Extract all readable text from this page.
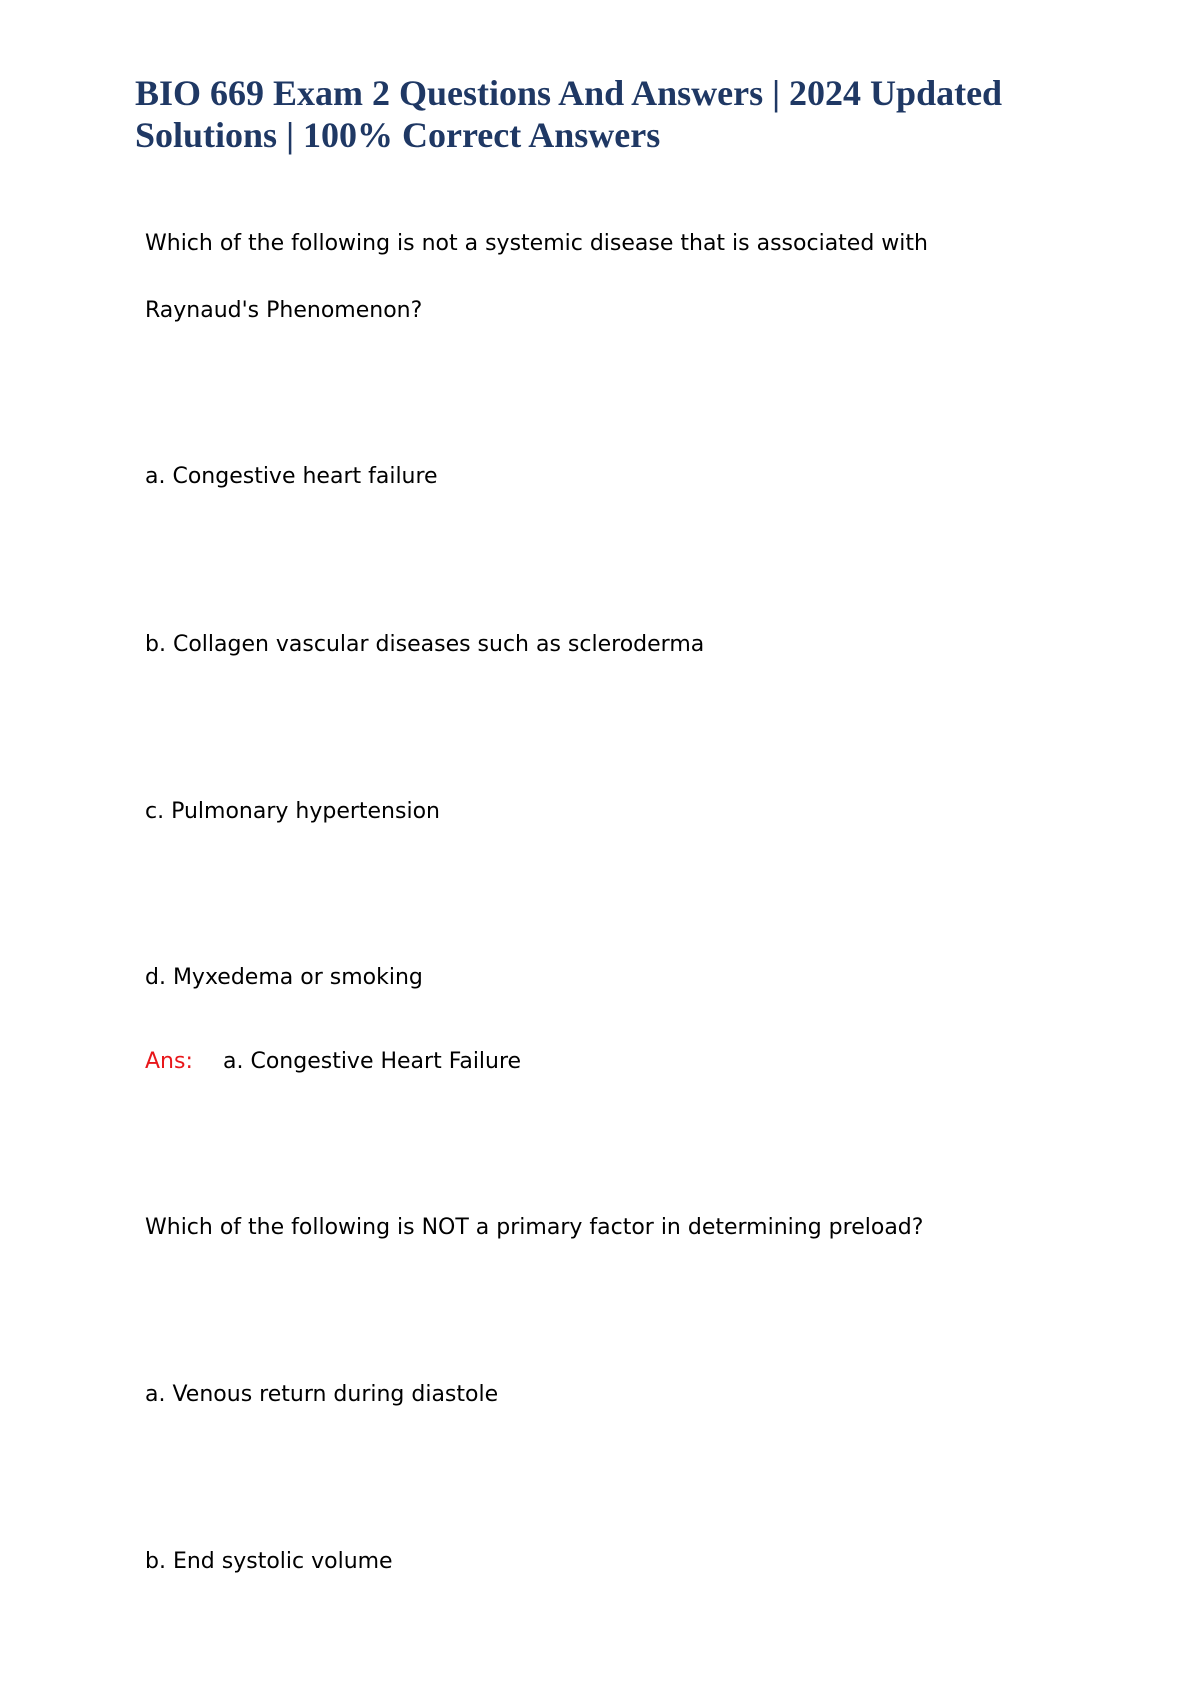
BIO 669 Exam 2 Questions And Answers | 2024 Updated Solutions | 100% Correct Answers

Which of the following is not a systemic disease that is associated with

Raynaud's Phenomenon?

a. Congestive heart failure

b. Collagen vascular diseases such as scleroderma

c. Pulmonary hypertension

d. Myxedema or smoking

Ans: a. Congestive Heart Failure

Which of the following is NOT a primary factor in determining preload?

a. Venous return during diastole

b. End systolic volume
